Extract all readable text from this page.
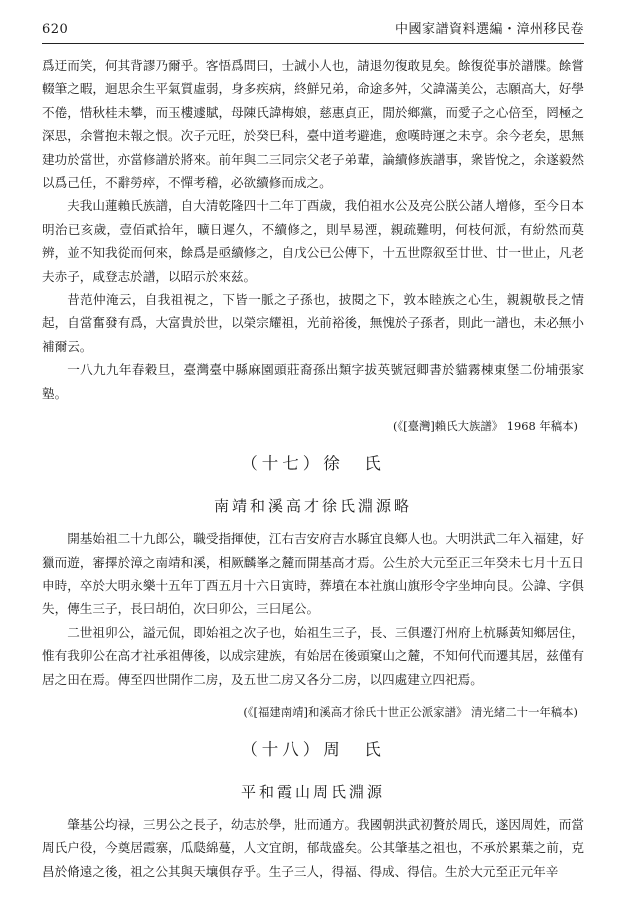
620	中國家譜資料選編・漳州移民卷

爲迂而笑，何其背謬乃爾乎。客悟爲問曰，士誠小人也，請退勿復敢見矣。餘復從事於譜牒。餘嘗輟筆之暇，迴思余生平氣質虛弱，身多疾病，終鮮兄弟，命途多舛，父諱滿美公，志願高大，好學不倦，惜秋桂未攀，而玉樓遽賦，母陳氏諱梅娘，慈惠貞正，閒於鄉黨，而愛子之心倍至，罔極之深思，余嘗抱未報之恨。次子元旺，於癸巳科，臺中道考避進，愈嘆時運之未亨。余今老矣，思無建功於當世，亦當修譜於將來。前年與二三同宗父老子弟輩，論續修族譜事，衆皆悅之，余遂毅然以爲己任，不辭勞瘁，不憚考稽，必欲續修而成之。

夫我山蓮賴氏族譜，自大清乾隆四十二年丁酉歲，我伯祖水公及亮公朕公諸人增修，至今日本明治已亥歲，壹佰貳拾年，曠日遲久，不續修之，則旱易湮，親疏難明，何枝何派，有紛然而莫辨，並不知我從而何來，餘爲是亟續修之，自戊公已公傳下，十五世際叙至廿世、廿一世止，凡老夫赤子，咸登志於譜，以昭示於來兹。

昔范仲淹云，自我祖視之，下皆一脈之子孫也，披閱之下，敦本睦族之心生，親親敬長之情起，自當奮發有爲，大富貴於世，以榮宗耀祖，光前裕後，無愧於子孫者，則此一譜也，未必無小補爾云。

一八九九年春穀旦，臺灣臺中縣麻園頭莊裔孫出類字拔英號冠卿書於貓霧棟東堡二份埔張家塾。

(《[臺灣]賴氏大族譜》 1968 年稿本)
（十七）徐　氏
南靖和溪高才徐氏淵源略

開基始祖二十九郎公，職受指揮使，江右吉安府吉水縣宜良鄉人也。大明洪武二年入福建，好獵而遊，審擇於漳之南靖和溪，相厥麟峯之麓而開基高才焉。公生於大元至正三年癸未七月十五日申時，卒於大明永樂十五年丁酉五月十六日寅時，葬墳在本社旗山旗形令字坐坤向艮。公諱、字俱失，傳生三子，長曰胡伯，次曰卯公，三曰尾公。

二世祖卯公，謚元侃，即始祖之次子也，始祖生三子，長、三俱遷汀州府上杭縣黃知鄉居住，惟有我卯公在高才社承祖傳後，以成宗建族，有始居在後頭窠山之麓，不知何代而遷其居，兹僅有居之田在焉。傳至四世開作二房，及五世二房又各分二房，以四處建立四祀焉。

(《[福建南靖]和溪高才徐氏十世正公派家譜》 清光緒二十一年稿本)
（十八）周　氏
平和霞山周氏淵源

肇基公均禄，三男公之長子，幼志於學，壯而通方。我國朝洪武初贅於周氏，遂因周姓，而當周氏户役，今奠居霞寨，瓜瓞綿蔓，人文宜朗，郁哉盛矣。公其肇基之祖也，不承於累葉之前，克昌於脩遠之後，祖之公其與天壤俱存乎。生子三人，得福、得成、得信。生於大元至正元年辛
